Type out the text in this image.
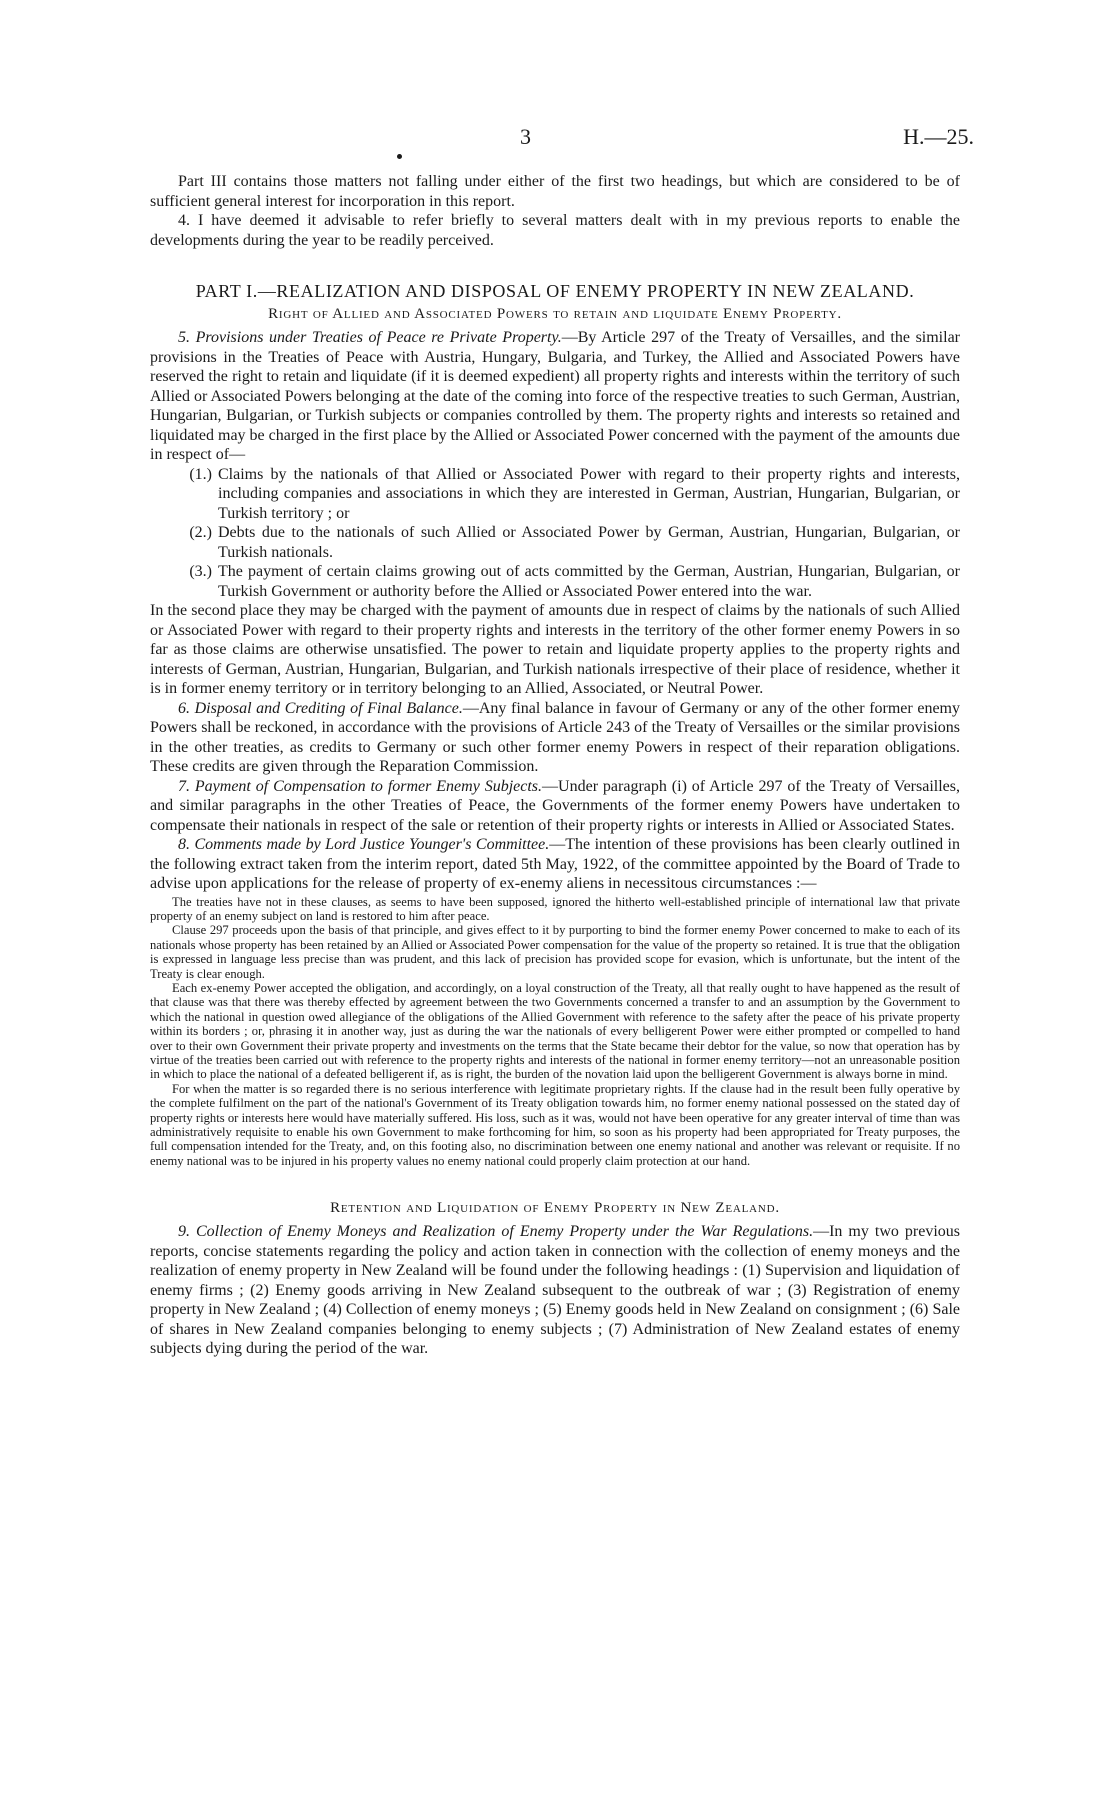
3	H.—25.

Part III contains those matters not falling under either of the first two headings, but which are considered to be of sufficient general interest for incorporation in this report.

4. I have deemed it advisable to refer briefly to several matters dealt with in my previous reports to enable the developments during the year to be readily perceived.

PART I.—REALIZATION AND DISPOSAL OF ENEMY PROPERTY IN NEW ZEALAND.
Right of Allied and Associated Powers to retain and liquidate Enemy Property.

5. Provisions under Treaties of Peace re Private Property.—By Article 297 of the Treaty of Versailles, and the similar provisions in the Treaties of Peace with Austria, Hungary, Bulgaria, and Turkey, the Allied and Associated Powers have reserved the right to retain and liquidate (if it is deemed expedient) all property rights and interests within the territory of such Allied or Associated Powers belonging at the date of the coming into force of the respective treaties to such German, Austrian, Hungarian, Bulgarian, or Turkish subjects or companies controlled by them. The property rights and interests so retained and liquidated may be charged in the first place by the Allied or Associated Power concerned with the payment of the amounts due in respect of—

(1.) Claims by the nationals of that Allied or Associated Power with regard to their property rights and interests, including companies and associations in which they are interested in German, Austrian, Hungarian, Bulgarian, or Turkish territory ; or

(2.) Debts due to the nationals of such Allied or Associated Power by German, Austrian, Hungarian, Bulgarian, or Turkish nationals.

(3.) The payment of certain claims growing out of acts committed by the German, Austrian, Hungarian, Bulgarian, or Turkish Government or authority before the Allied or Associated Power entered into the war.

In the second place they may be charged with the payment of amounts due in respect of claims by the nationals of such Allied or Associated Power with regard to their property rights and interests in the territory of the other former enemy Powers in so far as those claims are otherwise unsatisfied. The power to retain and liquidate property applies to the property rights and interests of German, Austrian, Hungarian, Bulgarian, and Turkish nationals irrespective of their place of residence, whether it is in former enemy territory or in territory belonging to an Allied, Associated, or Neutral Power.

6. Disposal and Crediting of Final Balance.—Any final balance in favour of Germany or any of the other former enemy Powers shall be reckoned, in accordance with the provisions of Article 243 of the Treaty of Versailles or the similar provisions in the other treaties, as credits to Germany or such other former enemy Powers in respect of their reparation obligations. These credits are given through the Reparation Commission.

7. Payment of Compensation to former Enemy Subjects.—Under paragraph (i) of Article 297 of the Treaty of Versailles, and similar paragraphs in the other Treaties of Peace, the Governments of the former enemy Powers have undertaken to compensate their nationals in respect of the sale or retention of their property rights or interests in Allied or Associated States.

8. Comments made by Lord Justice Younger's Committee.—The intention of these provisions has been clearly outlined in the following extract taken from the interim report, dated 5th May, 1922, of the committee appointed by the Board of Trade to advise upon applications for the release of property of ex-enemy aliens in necessitous circumstances :—

The treaties have not in these clauses, as seems to have been supposed, ignored the hitherto well-established principle of international law that private property of an enemy subject on land is restored to him after peace.

Clause 297 proceeds upon the basis of that principle, and gives effect to it by purporting to bind the former enemy Power concerned to make to each of its nationals whose property has been retained by an Allied or Associated Power compensation for the value of the property so retained. It is true that the obligation is expressed in language less precise than was prudent, and this lack of precision has provided scope for evasion, which is unfortunate, but the intent of the Treaty is clear enough.

Each ex-enemy Power accepted the obligation, and accordingly, on a loyal construction of the Treaty, all that really ought to have happened as the result of that clause was that there was thereby effected by agreement between the two Governments concerned a transfer to and an assumption by the Government to which the national in question owed allegiance of the obligations of the Allied Government with reference to the safety after the peace of his private property within its borders ; or, phrasing it in another way, just as during the war the nationals of every belligerent Power were either prompted or compelled to hand over to their own Government their private property and investments on the terms that the State became their debtor for the value, so now that operation has by virtue of the treaties been carried out with reference to the property rights and interests of the national in former enemy territory—not an unreasonable position in which to place the national of a defeated belligerent if, as is right, the burden of the novation laid upon the belligerent Government is always borne in mind.

For when the matter is so regarded there is no serious interference with legitimate proprietary rights. If the clause had in the result been fully operative by the complete fulfilment on the part of the national's Government of its Treaty obligation towards him, no former enemy national possessed on the stated day of property rights or interests here would have materially suffered. His loss, such as it was, would not have been operative for any greater interval of time than was administratively requisite to enable his own Government to make forthcoming for him, so soon as his property had been appropriated for Treaty purposes, the full compensation intended for the Treaty, and, on this footing also, no discrimination between one enemy national and another was relevant or requisite. If no enemy national was to be injured in his property values no enemy national could properly claim protection at our hand.

Retention and Liquidation of Enemy Property in New Zealand.

9. Collection of Enemy Moneys and Realization of Enemy Property under the War Regulations.—In my two previous reports, concise statements regarding the policy and action taken in connection with the collection of enemy moneys and the realization of enemy property in New Zealand will be found under the following headings : (1) Supervision and liquidation of enemy firms ; (2) Enemy goods arriving in New Zealand subsequent to the outbreak of war ; (3) Registration of enemy property in New Zealand ; (4) Collection of enemy moneys ; (5) Enemy goods held in New Zealand on consignment ; (6) Sale of shares in New Zealand companies belonging to enemy subjects ; (7) Administration of New Zealand estates of enemy subjects dying during the period of the war.
